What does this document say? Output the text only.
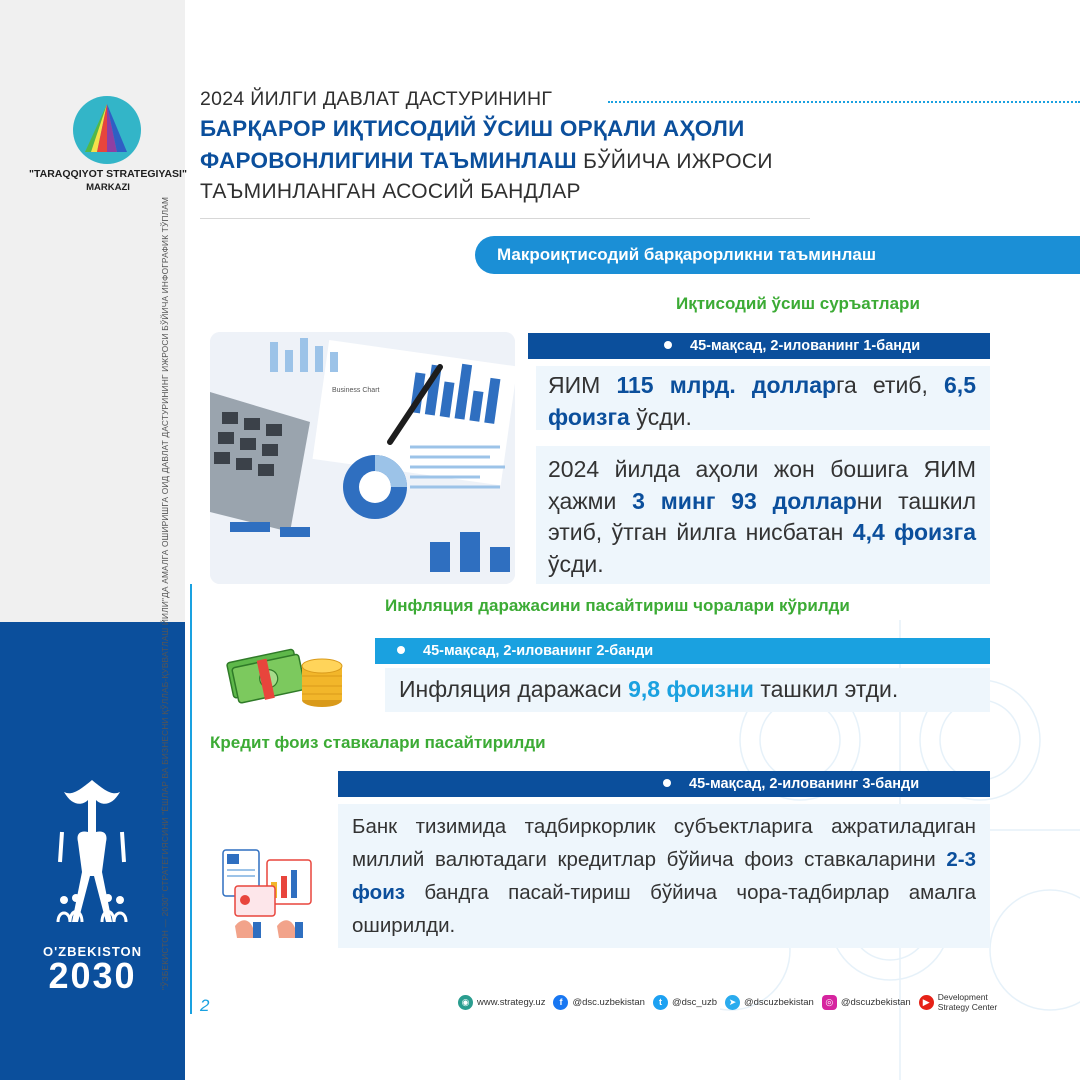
"TARAQQIYOT STRATEGIYASI"
MARKAZI
"ЎЗБЕКИСТОН — 2030" СТРАТЕГИЯСИНИ "ЁШЛАР ВА БИЗНЕСНИ ҚЎЛЛАБ-ҚУВВАТЛАШ ЙИЛИ"ДА АМАЛГА ОШИРИШГА ОИД ДАВЛАТ ДАСТУРИНИНГ ИЖРОСИ БЎЙИЧА ИНФОГРАФИК ТЎПЛАМ
O'ZBEKISTON
2030
2
2024 ЙИЛГИ ДАВЛАТ ДАСТУРИНИНГ
БАРҚАРОР ИҚТИСОДИЙ ЎСИШ ОРҚАЛИ АҲОЛИ
ФАРОВОНЛИГИНИ ТАЪМИНЛАШ БЎЙИЧА ИЖРОСИ
ТАЪМИНЛАНГАН АСОСИЙ БАНДЛАР
Макроиқтисодий барқарорликни таъминлаш
Иқтисодий ўсиш суръатлари
Business Chart
45-мақсад, 2-илованинг 1-банди
ЯИМ 115 млрд. долларга етиб, 6,5 фоизга ўсди.
2024 йилда аҳоли жон бошига ЯИМ ҳажми 3 минг 93 долларни ташкил этиб, ўтган йилга нисбатан 4,4 фоизга ўсди.
Инфляция даражасини пасайтириш чоралари кўрилди
45-мақсад, 2-илованинг 2-банди
Инфляция даражаси 9,8 фоизни ташкил этди.
Кредит фоиз ставкалари пасайтирилди
45-мақсад, 2-илованинг 3-банди
Банк тизимида тадбиркорлик субъектларига ажратиладиган миллий валютадаги кредитлар бўйича фоиз ставкаларини 2-3 фоиз бандга пасай-тириш бўйича чора-тадбирлар амалга оширилди.
◉ www.strategy.uz	f	@dsc.uzbekistan	t	@dsc_uzb	➤ @dscuzbekistan	◎ @dscuzbekistan	▶ Development
Strategy Center
